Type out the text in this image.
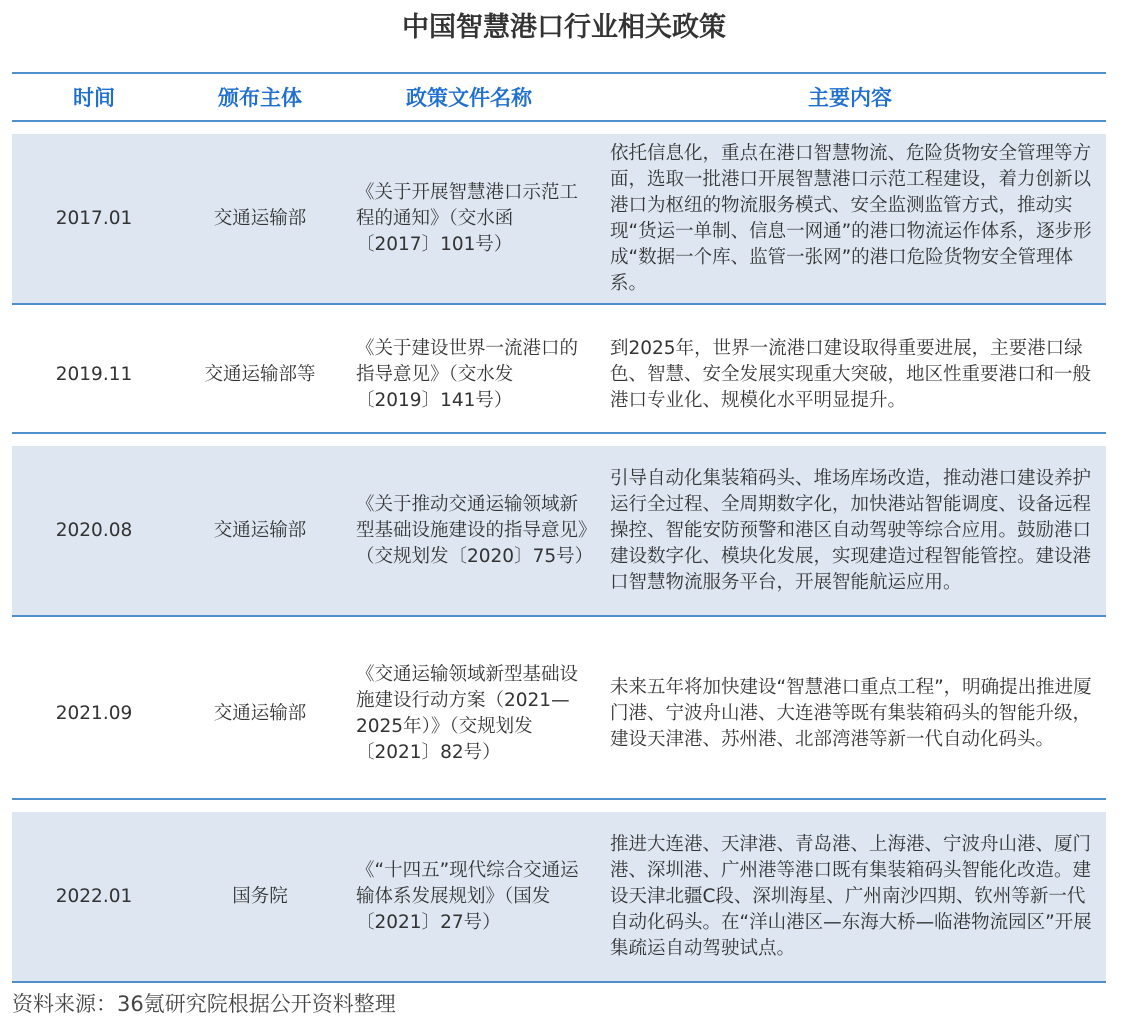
中国智慧港口行业相关政策
时间	颁布主体	政策文件名称	主要内容

2017.01	交通运输部	《关于开展智慧港口示范工程的通知》（交水函〔2017〕101号）	依托信息化，重点在港口智慧物流、危险货物安全管理等方面，选取一批港口开展智慧港口示范工程建设，着力创新以港口为枢纽的物流服务模式、安全监测监管方式，推动实现“货运一单制、信息一网通”的港口物流运作体系，逐步形成“数据一个库、监管一张网”的港口危险货物安全管理体系。

2019.11	交通运输部等	《关于建设世界一流港口的指导意见》（交水发〔2019〕141号）	到2025年，世界一流港口建设取得重要进展，主要港口绿色、智慧、安全发展实现重大突破，地区性重要港口和一般港口专业化、规模化水平明显提升。

2020.08	交通运输部	《关于推动交通运输领域新型基础设施建设的指导意见》（交规划发〔2020〕75号）	引导自动化集装箱码头、堆场库场改造，推动港口建设养护运行全过程、全周期数字化，加快港站智能调度、设备远程操控、智能安防预警和港区自动驾驶等综合应用。鼓励港口建设数字化、模块化发展，实现建造过程智能管控。建设港口智慧物流服务平台，开展智能航运应用。

2021.09	交通运输部	《交通运输领域新型基础设施建设行动方案（2021—2025年）》（交规划发〔2021〕82号）	未来五年将加快建设“智慧港口重点工程”，明确提出推进厦门港、宁波舟山港、大连港等既有集装箱码头的智能升级，建设天津港、苏州港、北部湾港等新一代自动化码头。

2022.01	国务院	《“十四五”现代综合交通运输体系发展规划》（国发〔2021〕27号）	推进大连港、天津港、青岛港、上海港、宁波舟山港、厦门港、深圳港、广州港等港口既有集装箱码头智能化改造。建设天津北疆C段、深圳海星、广州南沙四期、钦州等新一代自动化码头。在“洋山港区—东海大桥—临港物流园区”开展集疏运自动驾驶试点。
资料来源：36氪研究院根据公开资料整理
